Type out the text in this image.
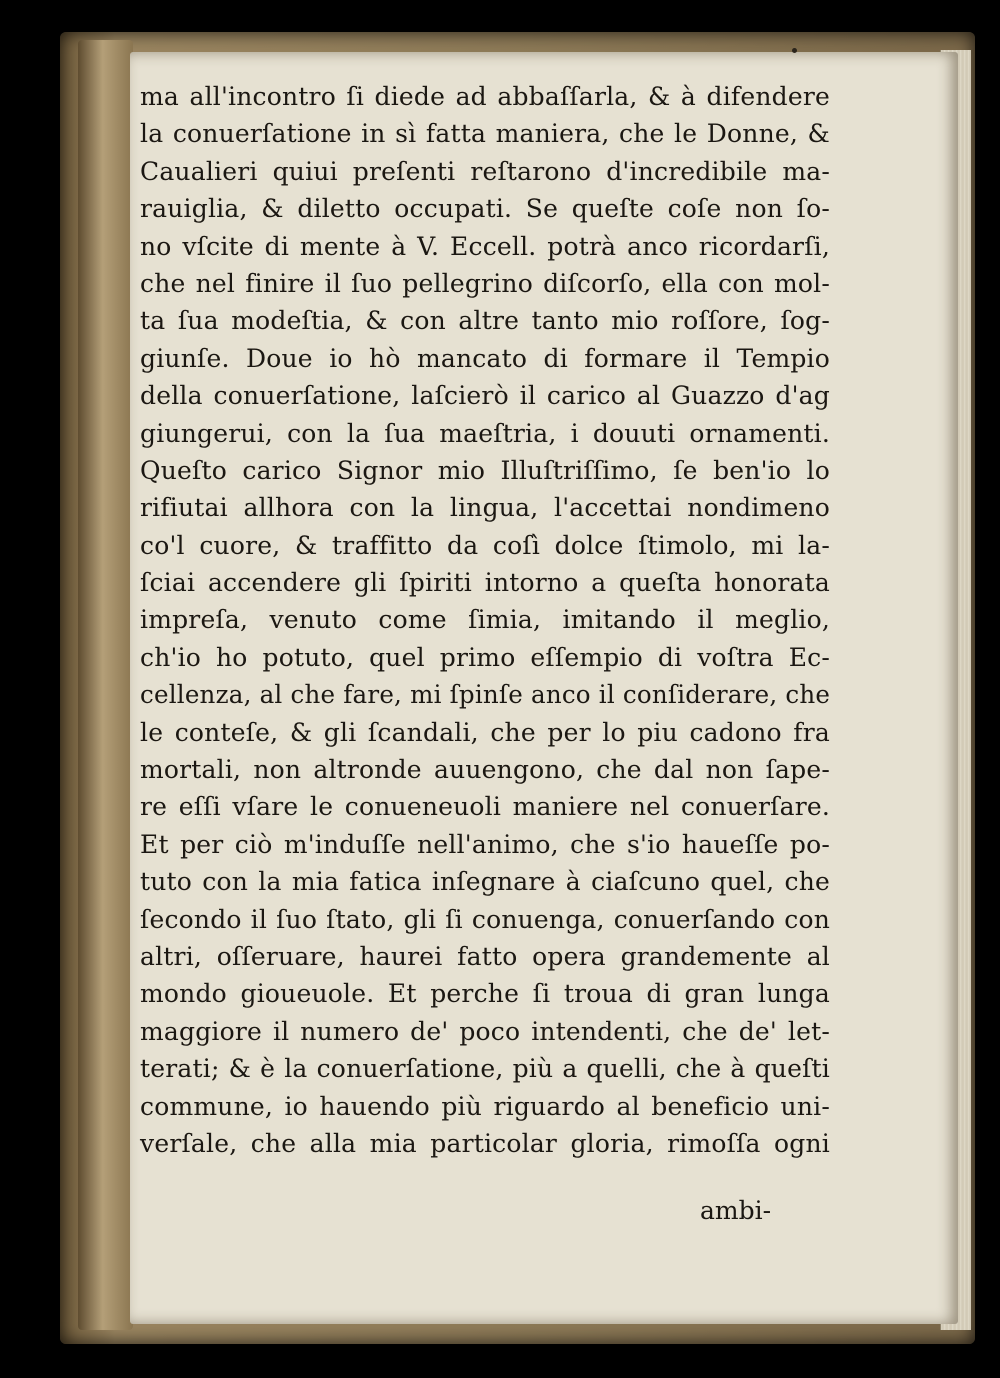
ma all'incontro ſi diede ad abbaſſarla, & à difendere

la conuerſatione in sì fatta maniera, che le Donne, &

Caualieri quiui preſenti reſtarono d'incredibile ma-

rauiglia, & diletto occupati. Se queſte coſe non ſo-

no vſcite di mente à V. Eccell. potrà anco ricordarſi,

che nel finire il ſuo pellegrino diſcorſo, ella con mol-

ta ſua modeſtia, & con altre tanto mio roſſore, ſog-

giunſe. Doue io hò mancato di formare il Tempio

della conuerſatione, laſcierò il carico al Guazzo d'ag

giungerui, con la ſua maeſtria, i douuti ornamenti.

Queſto carico Signor mio Illuſtriſſimo, ſe ben'io lo

rifiutai allhora con la lingua, l'accettai nondimeno

co'l cuore, & traffitto da coſì dolce ſtimolo, mi la-

ſciai accendere gli ſpiriti intorno a queſta honorata

impreſa, venuto come ſimia, imitando il meglio,

ch'io ho potuto, quel primo eſſempio di voſtra Ec-

cellenza, al che fare, mi ſpinſe anco il conſiderare, che

le conteſe, & gli ſcandali, che per lo piu cadono fra

mortali, non altronde auuengono, che dal non ſape-

re eſſi vſare le conueneuoli maniere nel conuerſare.

Et per ciò m'induſſe nell'animo, che s'io haueſſe po-

tuto con la mia fatica inſegnare à ciaſcuno quel, che

ſecondo il ſuo ſtato, gli ſi conuenga, conuerſando con

altri, oſſeruare, haurei fatto opera grandemente al

mondo gioueuole. Et perche ſi troua di gran lunga

maggiore il numero de' poco intendenti, che de' let-

terati; & è la conuerſatione, più a quelli, che à queſti

commune, io hauendo più riguardo al beneficio uni-

verſale, che alla mia particolar gloria, rimoſſa ogni

ambi-
